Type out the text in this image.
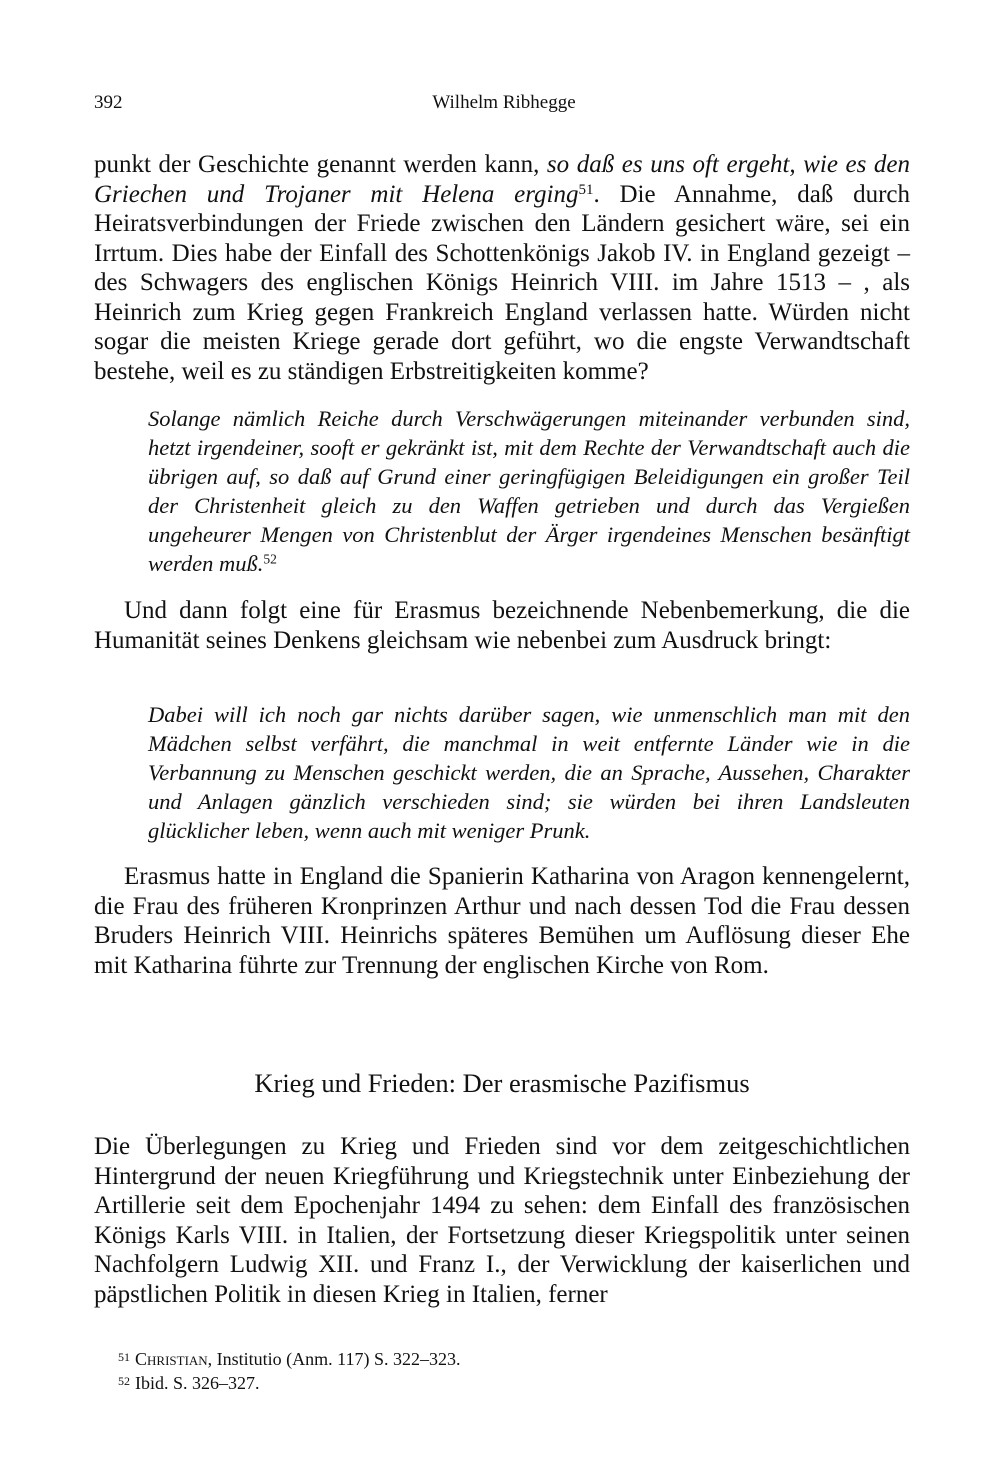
392	Wilhelm Ribhegge
punkt der Geschichte genannt werden kann, so daß es uns oft ergeht, wie es den Griechen und Trojaner mit Helena erging$^{51}$. Die Annahme, daß durch Heiratsverbindungen der Friede zwischen den Ländern gesichert wäre, sei ein Irrtum. Dies habe der Einfall des Schottenkönigs Jakob IV. in England gezeigt – des Schwagers des englischen Königs Heinrich VIII. im Jahre 1513 – , als Heinrich zum Krieg gegen Frankreich England verlassen hatte. Würden nicht sogar die meisten Kriege gerade dort geführt, wo die engste Verwandtschaft bestehe, weil es zu ständigen Erbstreitigkeiten komme?
Solange nämlich Reiche durch Verschwägerungen miteinander verbunden sind, hetzt irgendeiner, sooft er gekränkt ist, mit dem Rechte der Verwandtschaft auch die übrigen auf, so daß auf Grund einer geringfügigen Beleidigungen ein großer Teil der Christenheit gleich zu den Waffen getrieben und durch das Vergießen ungeheurer Mengen von Christenblut der Ärger irgendeines Menschen besänftigt werden muß.$^{52}$
Und dann folgt eine für Erasmus bezeichnende Nebenbemerkung, die die Humanität seines Denkens gleichsam wie nebenbei zum Ausdruck bringt:
Dabei will ich noch gar nichts darüber sagen, wie unmenschlich man mit den Mädchen selbst verfährt, die manchmal in weit entfernte Länder wie in die Verbannung zu Menschen geschickt werden, die an Sprache, Aussehen, Charakter und Anlagen gänzlich verschieden sind; sie würden bei ihren Landsleuten glücklicher leben, wenn auch mit weniger Prunk.
Erasmus hatte in England die Spanierin Katharina von Aragon kennengelernt, die Frau des früheren Kronprinzen Arthur und nach dessen Tod die Frau dessen Bruders Heinrich VIII. Heinrichs späteres Bemühen um Auflösung dieser Ehe mit Katharina führte zur Trennung der englischen Kirche von Rom.
Krieg und Frieden: Der erasmische Pazifismus
Die Überlegungen zu Krieg und Frieden sind vor dem zeitgeschichtlichen Hintergrund der neuen Kriegführung und Kriegstechnik unter Einbeziehung der Artillerie seit dem Epochenjahr 1494 zu sehen: dem Einfall des französischen Königs Karls VIII. in Italien, der Fortsetzung dieser Kriegspolitik unter seinen Nachfolgern Ludwig XII. und Franz I., der Verwicklung der kaiserlichen und päpstlichen Politik in diesen Krieg in Italien, ferner
$^{51}$ Christian, Institutio (Anm. 117) S. 322–323.
$^{52}$ Ibid. S. 326–327.
